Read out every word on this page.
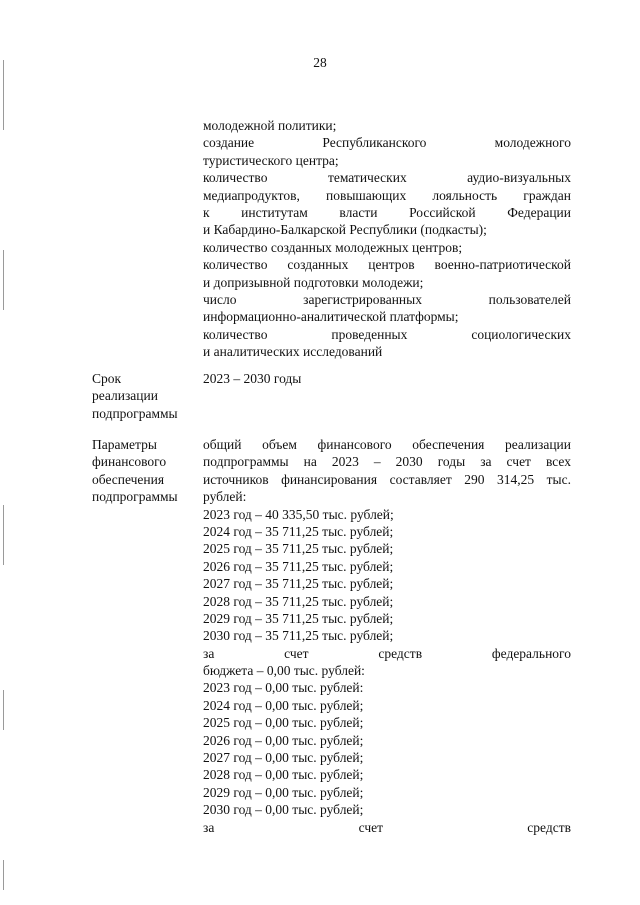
28
молодежной политики;
создание Республиканского молодежного
туристического центра;
количество тематических аудио-визуальных
медиапродуктов, повышающих лояльность граждан
к институтам власти Российской Федерации
и Кабардино-Балкарской Республики (подкасты);
количество созданных молодежных центров;
количество созданных центров военно-патриотической
и допризывной подготовки молодежи;
число зарегистрированных пользователей
информационно-аналитической платформы;
количество проведенных социологических
и аналитических исследований
Срок
реализации
подпрограммы
2023 – 2030 годы
Параметры
финансового
обеспечения
подпрограммы
общий объем финансового обеспечения реализации
подпрограммы на 2023 – 2030 годы за счет всех
источников финансирования составляет 290 314,25 тыс.
рублей:
2023 год – 40 335,50 тыс. рублей;
2024 год – 35 711,25 тыс. рублей;
2025 год – 35 711,25 тыс. рублей;
2026 год – 35 711,25 тыс. рублей;
2027 год – 35 711,25 тыс. рублей;
2028 год – 35 711,25 тыс. рублей;
2029 год – 35 711,25 тыс. рублей;
2030 год – 35 711,25 тыс. рублей;
за счет средств федерального
бюджета – 0,00 тыс. рублей:
2023 год – 0,00 тыс. рублей:
2024 год – 0,00 тыс. рублей;
2025 год – 0,00 тыс. рублей;
2026 год – 0,00 тыс. рублей;
2027 год – 0,00 тыс. рублей;
2028 год – 0,00 тыс. рублей;
2029 год – 0,00 тыс. рублей;
2030 год – 0,00 тыс. рублей;
за счет средств
